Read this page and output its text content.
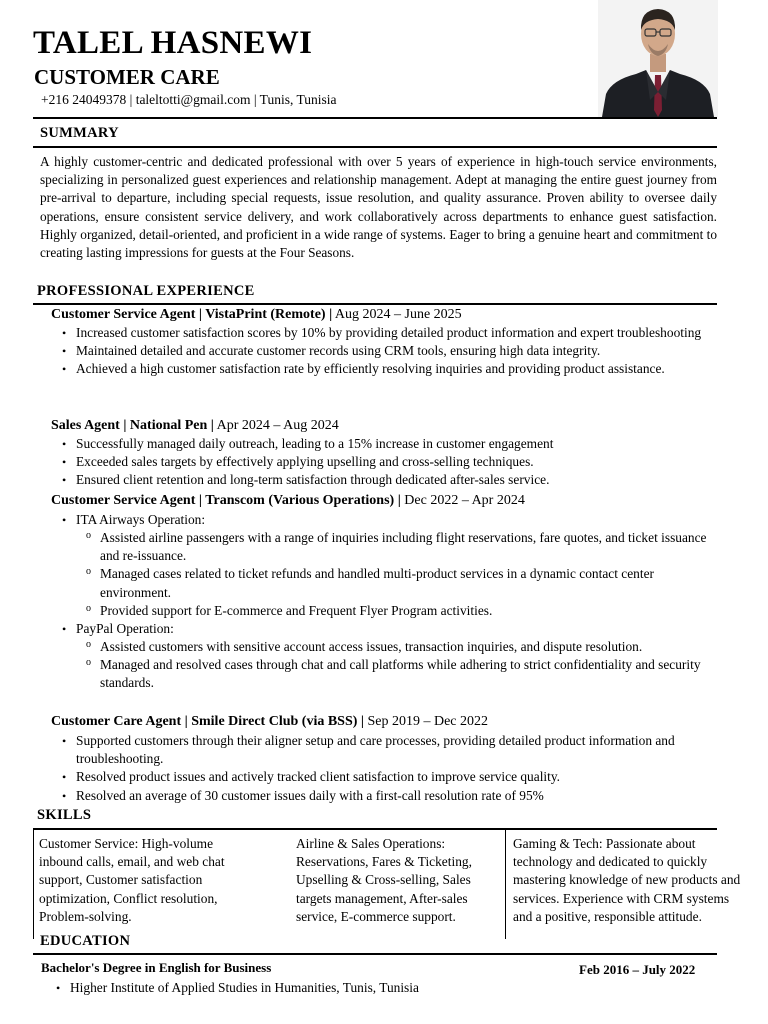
TALEL HASNEWI
CUSTOMER CARE
+216 24049378 | taleltotti@gmail.com | Tunis, Tunisia
SUMMARY
A highly customer-centric and dedicated professional with over 5 years of experience in high-touch service environments, specializing in personalized guest experiences and relationship management. Adept at managing the entire guest journey from pre-arrival to departure, including special requests, issue resolution, and quality assurance. Proven ability to oversee daily operations, ensure consistent service delivery, and work collaboratively across departments to enhance guest satisfaction. Highly organized, detail-oriented, and proficient in a wide range of systems. Eager to bring a genuine heart and commitment to creating lasting impressions for guests at the Four Seasons.
PROFESSIONAL EXPERIENCE
Customer Service Agent | VistaPrint (Remote) | Aug 2024 – June 2025
• Increased customer satisfaction scores by 10% by providing detailed product information and expert troubleshooting
• Maintained detailed and accurate customer records using CRM tools, ensuring high data integrity.
• Achieved a high customer satisfaction rate by efficiently resolving inquiries and providing product assistance.
Sales Agent | National Pen | Apr 2024 – Aug 2024
• Successfully managed daily outreach, leading to a 15% increase in customer engagement
• Exceeded sales targets by effectively applying upselling and cross-selling techniques.
• Ensured client retention and long-term satisfaction through dedicated after-sales service.
Customer Service Agent | Transcom (Various Operations) | Dec 2022 – Apr 2024
• ITA Airways Operation:
o Assisted airline passengers with a range of inquiries including flight reservations, fare quotes, and ticket issuance and re-issuance.
o Managed cases related to ticket refunds and handled multi-product services in a dynamic contact center environment.
o Provided support for E-commerce and Frequent Flyer Program activities.
• PayPal Operation:
o Assisted customers with sensitive account access issues, transaction inquiries, and dispute resolution.
o Managed and resolved cases through chat and call platforms while adhering to strict confidentiality and security standards.
Customer Care Agent | Smile Direct Club (via BSS) | Sep 2019 – Dec 2022
• Supported customers through their aligner setup and care processes, providing detailed product information and troubleshooting.
• Resolved product issues and actively tracked client satisfaction to improve service quality.
• Resolved an average of 30 customer issues daily with a first-call resolution rate of 95%
SKILLS
Customer Service: High-volume inbound calls, email, and web chat support, Customer satisfaction optimization, Conflict resolution, Problem-solving.
Airline & Sales Operations: Reservations, Fares & Ticketing, Upselling & Cross-selling, Sales targets management, After-sales service, E-commerce support.
Gaming & Tech: Passionate about technology and dedicated to quickly mastering knowledge of new products and services. Experience with CRM systems and a positive, responsible attitude.
EDUCATION
Bachelor's Degree in English for Business	Feb 2016 – July 2022
• Higher Institute of Applied Studies in Humanities, Tunis, Tunisia
